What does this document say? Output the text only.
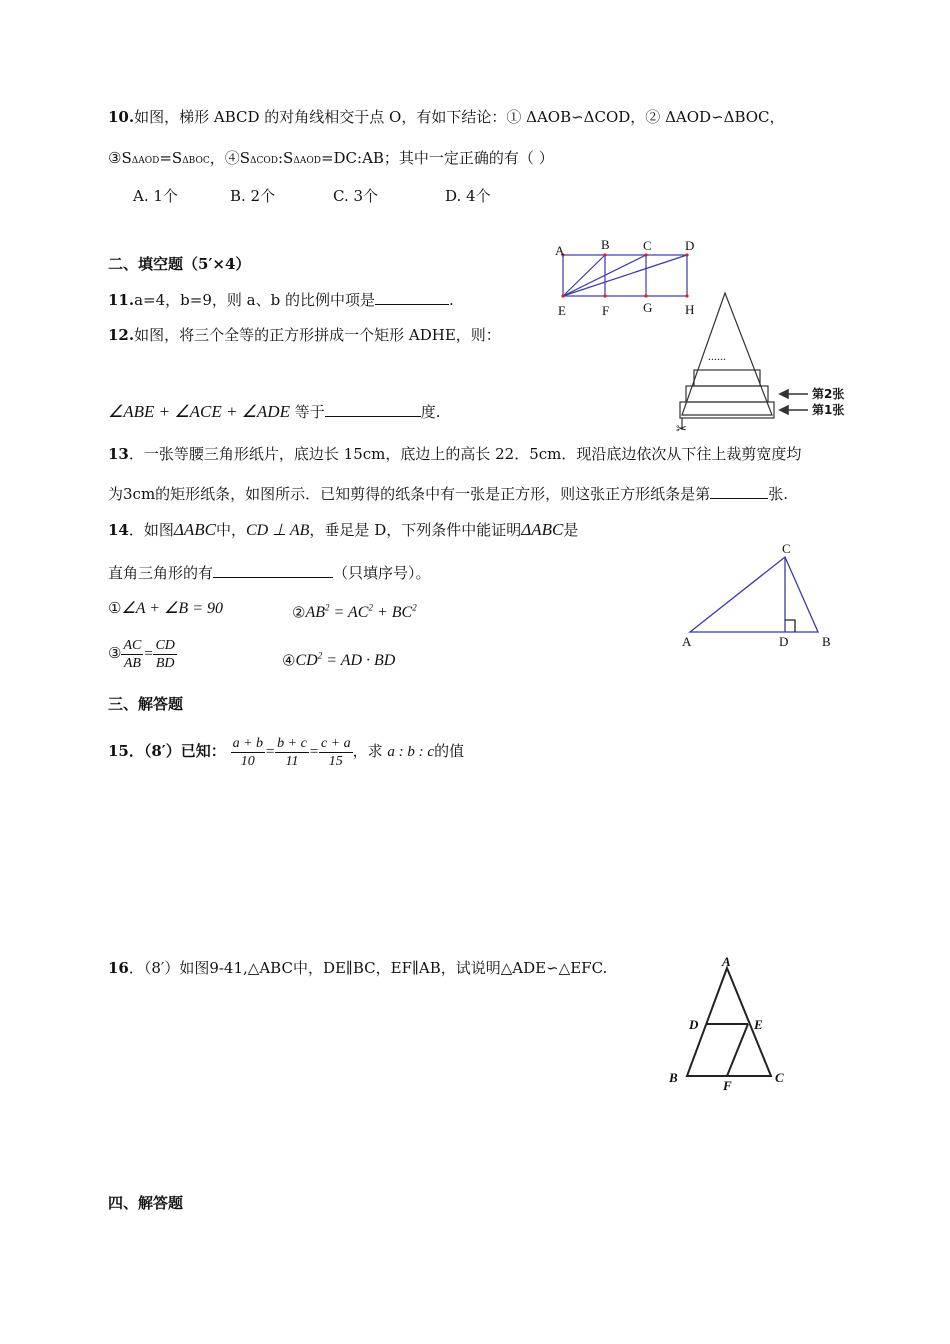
10.如图，梯形 ABCD 的对角线相交于点 O，有如下结论：① ΔAOB∽ΔCOD，② ΔAOD∽ΔBOC，
③SΔAOD=SΔBOC，④SΔCOD:SΔAOD=DC:AB；其中一定正确的有（ ）
A. 1个	B. 2个	C. 3个	D. 4个
二、填空题（5′×4）
11.a=4，b=9，则 a、b 的比例中项是	.
12.如图，将三个全等的正方形拼成一个矩形 ADHE，则：
∠ABE + ∠ACE + ∠ADE 等于	度.
13．一张等腰三角形纸片，底边长 15cm，底边上的高长 22．5cm．现沿底边依次从下往上裁剪宽度均
为3cm的矩形纸条，如图所示．已知剪得的纸条中有一张是正方形，则这张正方形纸条是第	张.
14．如图ΔABC中，CD ⊥ AB，垂足是 D，下列条件中能证明ΔABC是
直角三角形的有	（只填序号）。
①∠A + ∠B = 90	$②AB^2 = AC^2 + BC^2$
③ $\frac{AC}{AB} = \frac{CD}{BD}$	$④CD^2$ = AD · BD
三、解答题
15．（8′）已知： $\frac{a + b}{10} = \frac{b + c}{11} = \frac{c + a}{15}$ ，求 a : b : c的值
16．（8′）如图9-41,△ABC中，DE∥BC，EF∥AB，试说明△ADE∽△EFC.
四、解答题
A	B	C	D
E	F	G	H
......
✂
第2张
第1张
C
A	D	B
A
D	E
B
F
C
